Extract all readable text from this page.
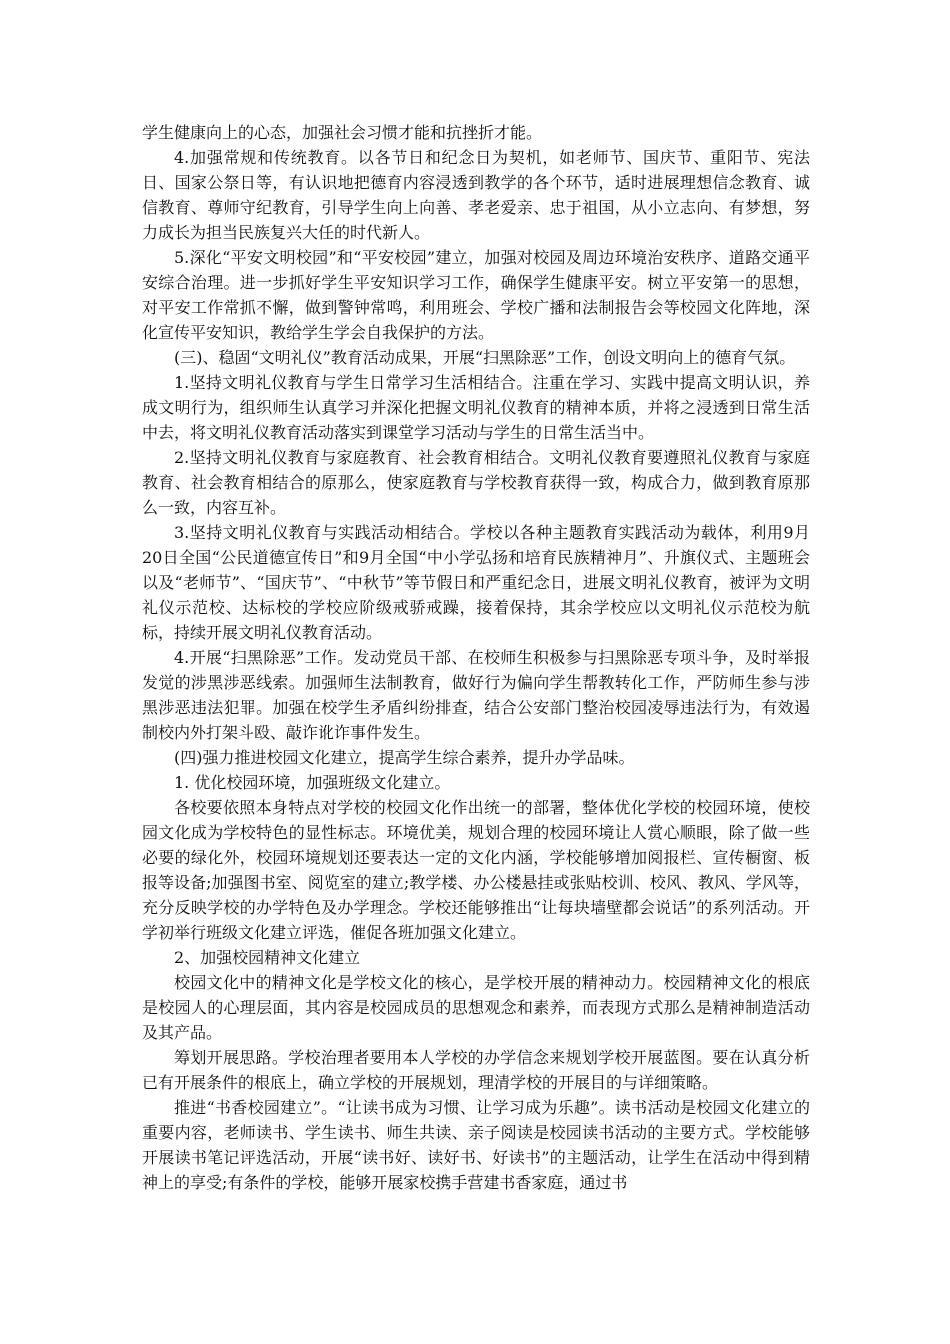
学生健康向上的心态，加强社会习惯才能和抗挫折才能。

4.加强常规和传统教育。以各节日和纪念日为契机，如老师节、国庆节、重阳节、宪法日、国家公祭日等，有认识地把德育内容浸透到教学的各个环节，适时进展理想信念教育、诚信教育、尊师守纪教育，引导学生向上向善、孝老爱亲、忠于祖国，从小立志向、有梦想，努力成长为担当民族复兴大任的时代新人。

5.深化“平安文明校园”和“平安校园”建立，加强对校园及周边环境治安秩序、道路交通平安综合治理。进一步抓好学生平安知识学习工作，确保学生健康平安。树立平安第一的思想，对平安工作常抓不懈，做到警钟常鸣，利用班会、学校广播和法制报告会等校园文化阵地，深化宣传平安知识，教给学生学会自我保护的方法。

(三)、稳固“文明礼仪”教育活动成果，开展“扫黑除恶”工作，创设文明向上的德育气氛。

1.坚持文明礼仪教育与学生日常学习生活相结合。注重在学习、实践中提高文明认识，养成文明行为，组织师生认真学习并深化把握文明礼仪教育的精神本质，并将之浸透到日常生活中去，将文明礼仪教育活动落实到课堂学习活动与学生的日常生活当中。

2.坚持文明礼仪教育与家庭教育、社会教育相结合。文明礼仪教育要遵照礼仪教育与家庭教育、社会教育相结合的原那么，使家庭教育与学校教育获得一致，构成合力，做到教育原那么一致，内容互补。

3.坚持文明礼仪教育与实践活动相结合。学校以各种主题教育实践活动为载体，利用9月20日全国“公民道德宣传日”和9月全国“中小学弘扬和培育民族精神月”、升旗仪式、主题班会以及“老师节”、“国庆节”、“中秋节”等节假日和严重纪念日，进展文明礼仪教育，被评为文明礼仪示范校、达标校的学校应阶级戒骄戒躁，接着保持，其余学校应以文明礼仪示范校为航标，持续开展文明礼仪教育活动。

4.开展“扫黑除恶”工作。发动党员干部、在校师生积极参与扫黑除恶专项斗争，及时举报发觉的涉黑涉恶线索。加强师生法制教育，做好行为偏向学生帮教转化工作，严防师生参与涉黑涉恶违法犯罪。加强在校学生矛盾纠纷排查，结合公安部门整治校园凌辱违法行为，有效遏制校内外打架斗殴、敲诈讹诈事件发生。

(四)强力推进校园文化建立，提高学生综合素养，提升办学品味。

1. 优化校园环境，加强班级文化建立。

各校要依照本身特点对学校的校园文化作出统一的部署，整体优化学校的校园环境，使校园文化成为学校特色的显性标志。环境优美，规划合理的校园环境让人赏心顺眼，除了做一些必要的绿化外，校园环境规划还要表达一定的文化内涵，学校能够增加阅报栏、宣传橱窗、板报等设备;加强图书室、阅览室的建立;教学楼、办公楼悬挂或张贴校训、校风、教风、学风等，充分反映学校的办学特色及办学理念。学校还能够推出“让每块墙壁都会说话”的系列活动。开学初举行班级文化建立评选，催促各班加强文化建立。

2、加强校园精神文化建立

校园文化中的精神文化是学校文化的核心，是学校开展的精神动力。校园精神文化的根底是校园人的心理层面，其内容是校园成员的思想观念和素养，而表现方式那么是精神制造活动及其产品。

筹划开展思路。学校治理者要用本人学校的办学信念来规划学校开展蓝图。要在认真分析已有开展条件的根底上，确立学校的开展规划，理清学校的开展目的与详细策略。

推进“书香校园建立”。“让读书成为习惯、让学习成为乐趣”。读书活动是校园文化建立的重要内容，老师读书、学生读书、师生共读、亲子阅读是校园读书活动的主要方式。学校能够开展读书笔记评选活动，开展“读书好、读好书、好读书”的主题活动，让学生在活动中得到精神上的享受;有条件的学校，能够开展家校携手营建书香家庭，通过书
